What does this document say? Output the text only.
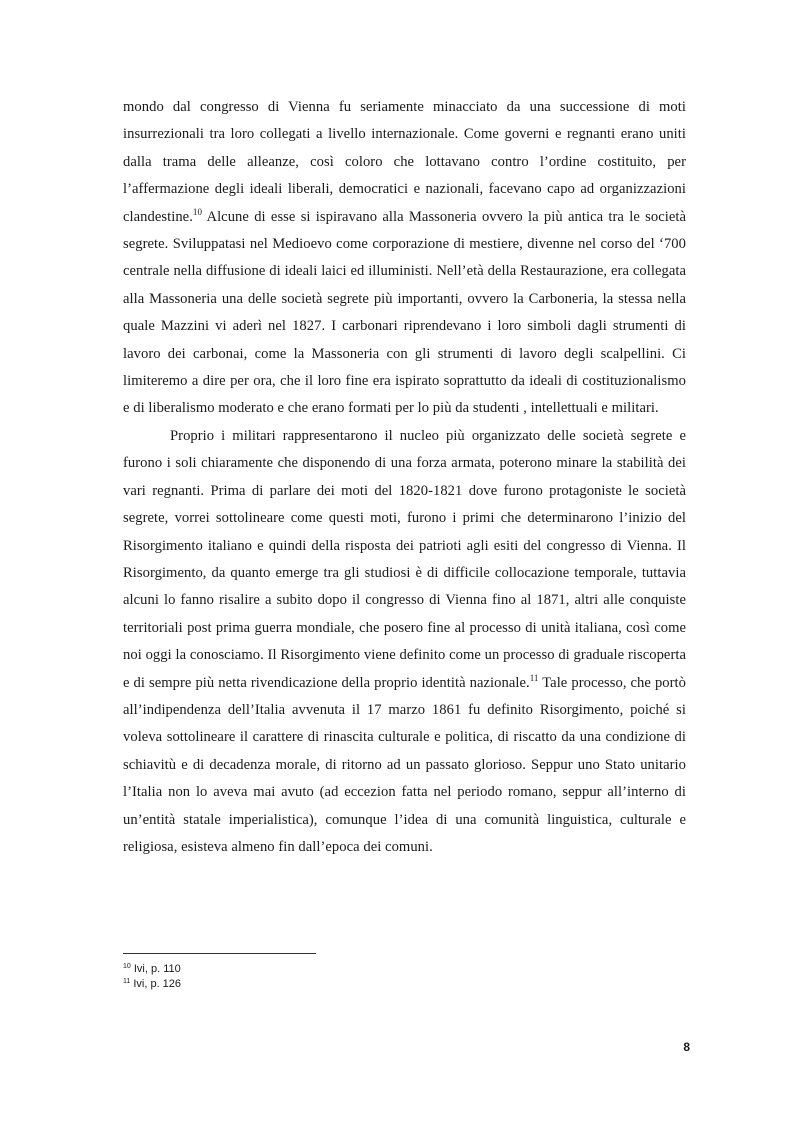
mondo dal congresso di Vienna fu seriamente minacciato da una successione di moti insurrezionali tra loro collegati a livello internazionale. Come governi e regnanti erano uniti dalla trama delle alleanze, così coloro che lottavano contro l’ordine costituito, per l’affermazione degli ideali liberali, democratici e nazionali, facevano capo ad organizzazioni clandestine.$^{10}$ Alcune di esse si ispiravano alla Massoneria ovvero la più antica tra le società segrete. Sviluppatasi nel Medioevo come corporazione di mestiere, divenne nel corso del ‘700 centrale nella diffusione di ideali laici ed illuministi. Nell’età della Restaurazione, era collegata alla Massoneria una delle società segrete più importanti, ovvero la Carboneria, la stessa nella quale Mazzini vi aderì nel 1827. I carbonari riprendevano i loro simboli dagli strumenti di lavoro dei carbonai, come la Massoneria con gli strumenti di lavoro degli scalpellini. Ci limiteremo a dire per ora, che il loro fine era ispirato soprattutto da ideali di costituzionalismo e di liberalismo moderato e che erano formati per lo più da studenti , intellettuali e militari.

Proprio i militari rappresentarono il nucleo più organizzato delle società segrete e furono i soli chiaramente che disponendo di una forza armata, poterono minare la stabilità dei vari regnanti. Prima di parlare dei moti del 1820-1821 dove furono protagoniste le società segrete, vorrei sottolineare come questi moti, furono i primi che determinarono l’inizio del Risorgimento italiano e quindi della risposta dei patrioti agli esiti del congresso di Vienna. Il Risorgimento, da quanto emerge tra gli studiosi è di difficile collocazione temporale, tuttavia alcuni lo fanno risalire a subito dopo il congresso di Vienna fino al 1871, altri alle conquiste territoriali post prima guerra mondiale, che posero fine al processo di unità italiana, così come noi oggi la conosciamo. Il Risorgimento viene definito come un processo di graduale riscoperta e di sempre più netta rivendicazione della proprio identità nazionale.$^{11}$ Tale processo, che portò all’indipendenza dell’Italia avvenuta il 17 marzo 1861 fu definito Risorgimento, poiché si voleva sottolineare il carattere di rinascita culturale e politica, di riscatto da una condizione di schiavitù e di decadenza morale, di ritorno ad un passato glorioso. Seppur uno Stato unitario l’Italia non lo aveva mai avuto (ad eccezion fatta nel periodo romano, seppur all’interno di un’entità statale imperialistica), comunque l’idea di una comunità linguistica, culturale e religiosa, esisteva almeno fin dall’epoca dei comuni.

$^{10}$ Ivi, p. 110
$^{11}$ Ivi, p. 126
8
